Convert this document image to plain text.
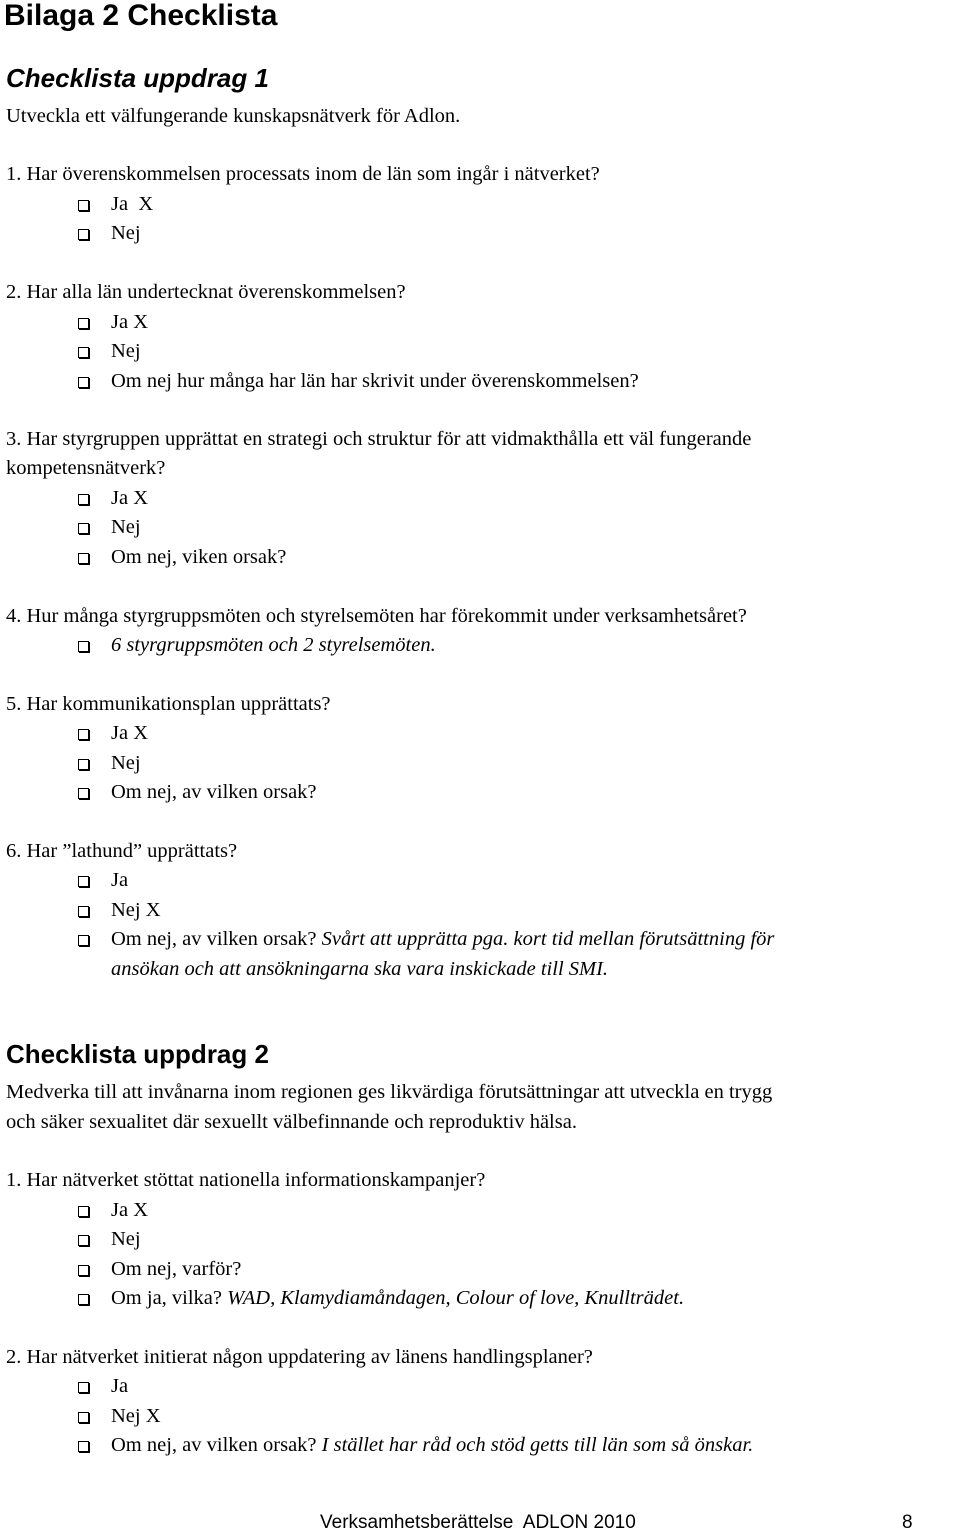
Bilaga 2 Checklista
Checklista uppdrag 1

Utveckla ett välfungerande kunskapsnätverk för Adlon.

1. Har överenskommelsen processats inom de län som ingår i nätverket?

Ja  X
Nej

2. Har alla län undertecknat överenskommelsen?

Ja X
Nej
Om nej hur många har län har skrivit under överenskommelsen?

3. Har styrgruppen upprättat en strategi och struktur för att vidmakthålla ett väl fungerande

kompetensnätverk?

Ja X
Nej
Om nej, viken orsak?

4. Hur många styrgruppsmöten och styrelsemöten har förekommit under verksamhetsåret?

6 styrgruppsmöten och 2 styrelsemöten.

5. Har kommunikationsplan upprättats?

Ja X
Nej
Om nej, av vilken orsak?

6. Har ”lathund” upprättats?

Ja
Nej X
Om nej, av vilken orsak? Svårt att upprätta pga. kort tid mellan förutsättning för
ansökan och att ansökningarna ska vara inskickade till SMI.
Checklista uppdrag 2

Medverka till att invånarna inom regionen ges likvärdiga förutsättningar att utveckla en trygg

och säker sexualitet där sexuellt välbefinnande och reproduktiv hälsa.

1. Har nätverket stöttat nationella informationskampanjer?

Ja X
Nej
Om nej, varför?
Om ja, vilka? WAD, Klamydiamåndagen, Colour of love, Knullträdet.

2. Har nätverket initierat någon uppdatering av länens handlingsplaner?

Ja
Nej X
Om nej, av vilken orsak? I stället har råd och stöd getts till län som så önskar.
Verksamhetsberättelse  ADLON 2010	8
